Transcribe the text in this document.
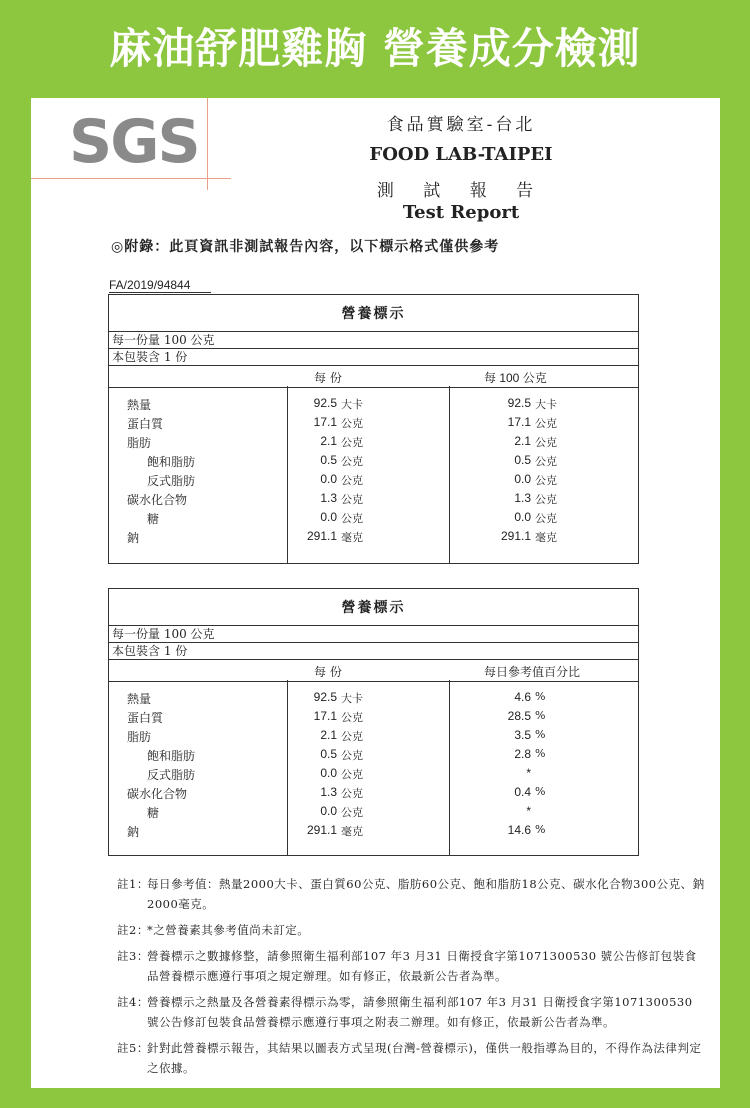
麻油舒肥雞胸 營養成分檢測
SGS	食品實驗室-台北
FOOD LAB-TAIPEI
測 試 報 告
Test Report
◎附錄：此頁資訊非測試報告內容，以下標示格式僅供參考
FA/2019/94844
營養標示
每一份量 100 公克
本包裝含 1 份
每 份	每 100 公克
熱量	92.5 大卡	92.5 大卡
蛋白質	17.1 公克	17.1 公克
脂肪	2.1 公克	2.1 公克
飽和脂肪	0.5 公克	0.5 公克
反式脂肪	0.0 公克	0.0 公克
碳水化合物	1.3 公克	1.3 公克
糖	0.0 公克	0.0 公克
鈉	291.1 毫克	291.1 毫克
營養標示
每一份量 100 公克
本包裝含 1 份
每 份	每日參考值百分比
熱量	92.5 大卡	4.6 %
蛋白質	17.1 公克	28.5 %
脂肪	2.1 公克	3.5 %
飽和脂肪	0.5 公克	2.8 %
反式脂肪	0.0 公克	*
碳水化合物	1.3 公克	0.4 %
糖	0.0 公克	*
鈉	291.1 毫克	14.6 %
註1：
每日參考值：熱量2000大卡、蛋白質60公克、脂肪60公克、飽和脂肪18公克、碳水化合物300公克、鈉2000毫克。
註2：
*之營養素其參考值尚未訂定。
註3：
營養標示之數據修整，請參照衛生福利部107 年3 月31 日衛授食字第1071300530 號公告修訂包裝食品營養標示應遵行事項之規定辦理。如有修正，依最新公告者為準。
註4：
營養標示之熱量及各營養素得標示為零，請參照衛生福利部107 年3 月31 日衛授食字第1071300530 號公告修訂包裝食品營養標示應遵行事項之附表二辦理。如有修正，依最新公告者為準。
註5：
針對此營養標示報告，其結果以圖表方式呈現(台灣-營養標示)，僅供一般指導為目的，不得作為法律判定之依據。
